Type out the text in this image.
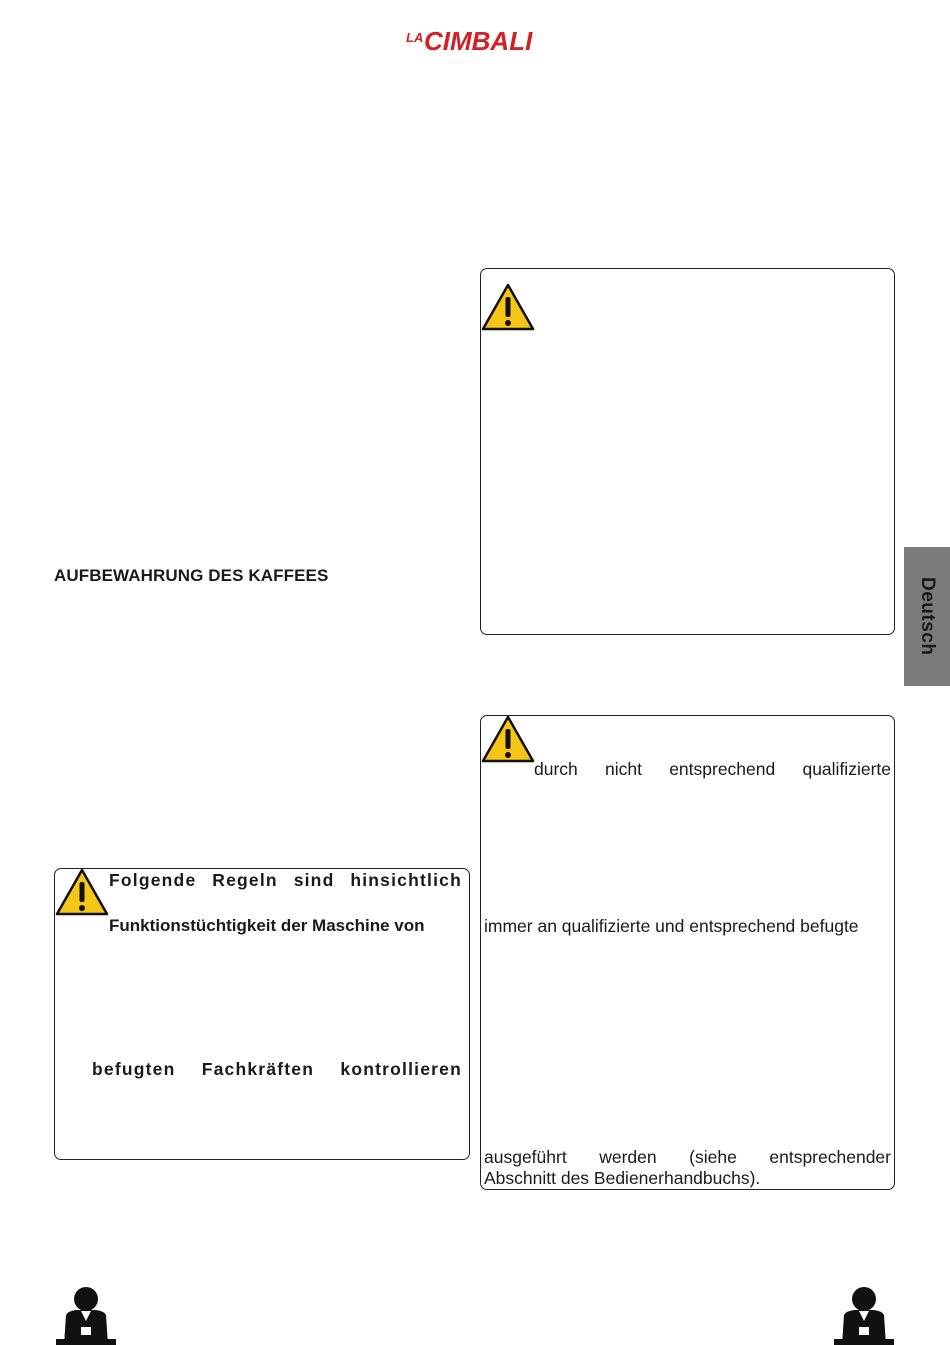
LA CIMBALI
AUFBEWAHRUNG DES KAFFEES
durch nicht entsprechend qualifizierte
immer an qualifizierte und entsprechend befugte
ausgeführt werden (siehe entsprechender
Abschnitt des Bedienerhandbuchs).
Folgende Regeln sind hinsichtlich
Funktionstüchtigkeit der Maschine von
befugten Fachkräften kontrollieren
Deutsch
